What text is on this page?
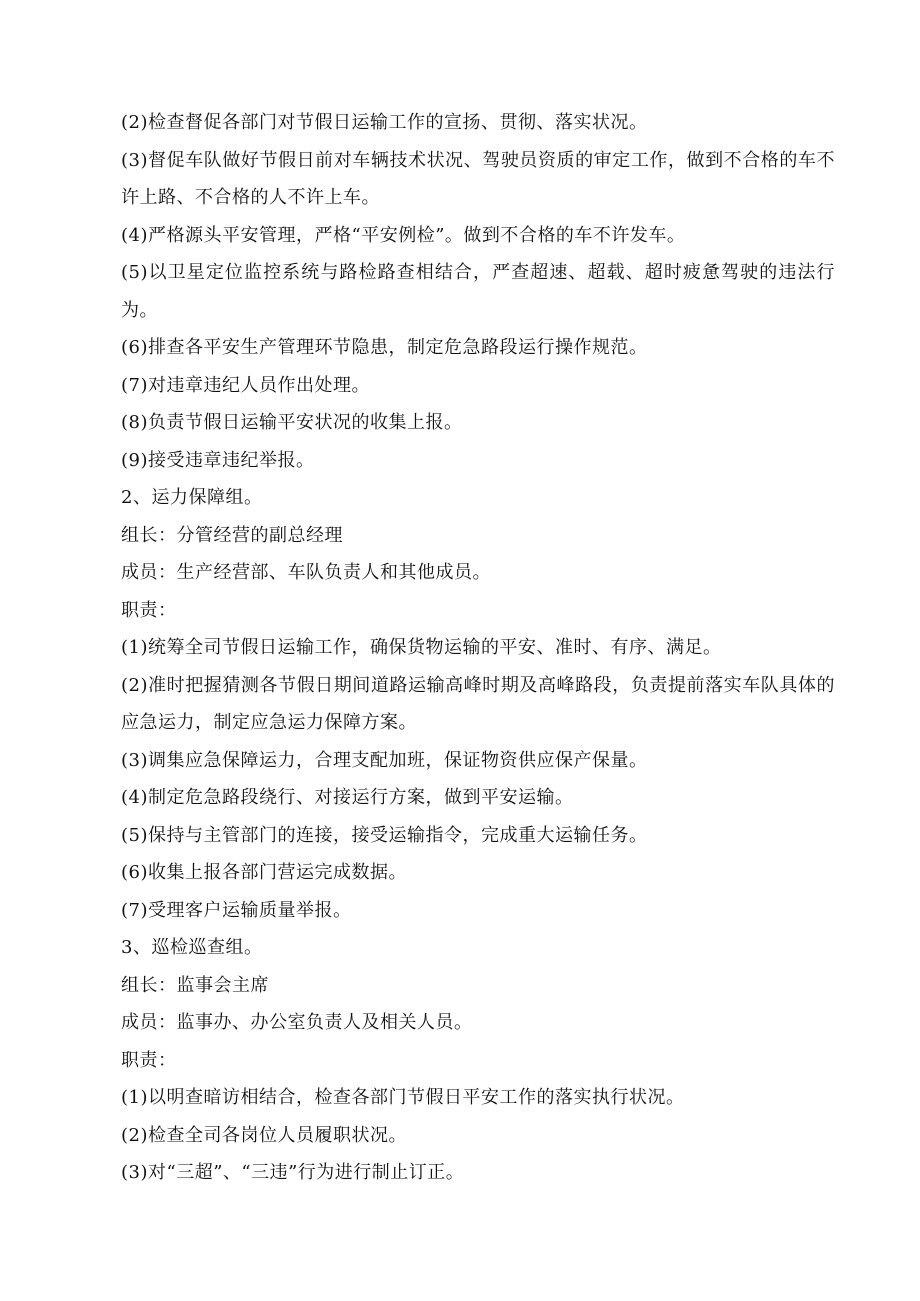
(2)检查督促各部门对节假日运输工作的宣扬、贯彻、落实状况。

(3)督促车队做好节假日前对车辆技术状况、驾驶员资质的审定工作，做到不合格的车不许上路、不合格的人不许上车。

(4)严格源头平安管理，严格“平安例检”。做到不合格的车不许发车。

(5)以卫星定位监控系统与路检路查相结合，严查超速、超载、超时疲惫驾驶的违法行为。

(6)排查各平安生产管理环节隐患，制定危急路段运行操作规范。

(7)对违章违纪人员作出处理。

(8)负责节假日运输平安状况的收集上报。

(9)接受违章违纪举报。

2、运力保障组。

组长：分管经营的副总经理

成员：生产经营部、车队负责人和其他成员。

职责：

(1)统筹全司节假日运输工作，确保货物运输的平安、准时、有序、满足。

(2)准时把握猜测各节假日期间道路运输高峰时期及高峰路段，负责提前落实车队具体的应急运力，制定应急运力保障方案。

(3)调集应急保障运力，合理支配加班，保证物资供应保产保量。

(4)制定危急路段绕行、对接运行方案，做到平安运输。

(5)保持与主管部门的连接，接受运输指令，完成重大运输任务。

(6)收集上报各部门营运完成数据。

(7)受理客户运输质量举报。

3、巡检巡查组。

组长：监事会主席

成员：监事办、办公室负责人及相关人员。

职责：

(1)以明查暗访相结合，检查各部门节假日平安工作的落实执行状况。

(2)检查全司各岗位人员履职状况。

(3)对“三超”、“三违”行为进行制止订正。
